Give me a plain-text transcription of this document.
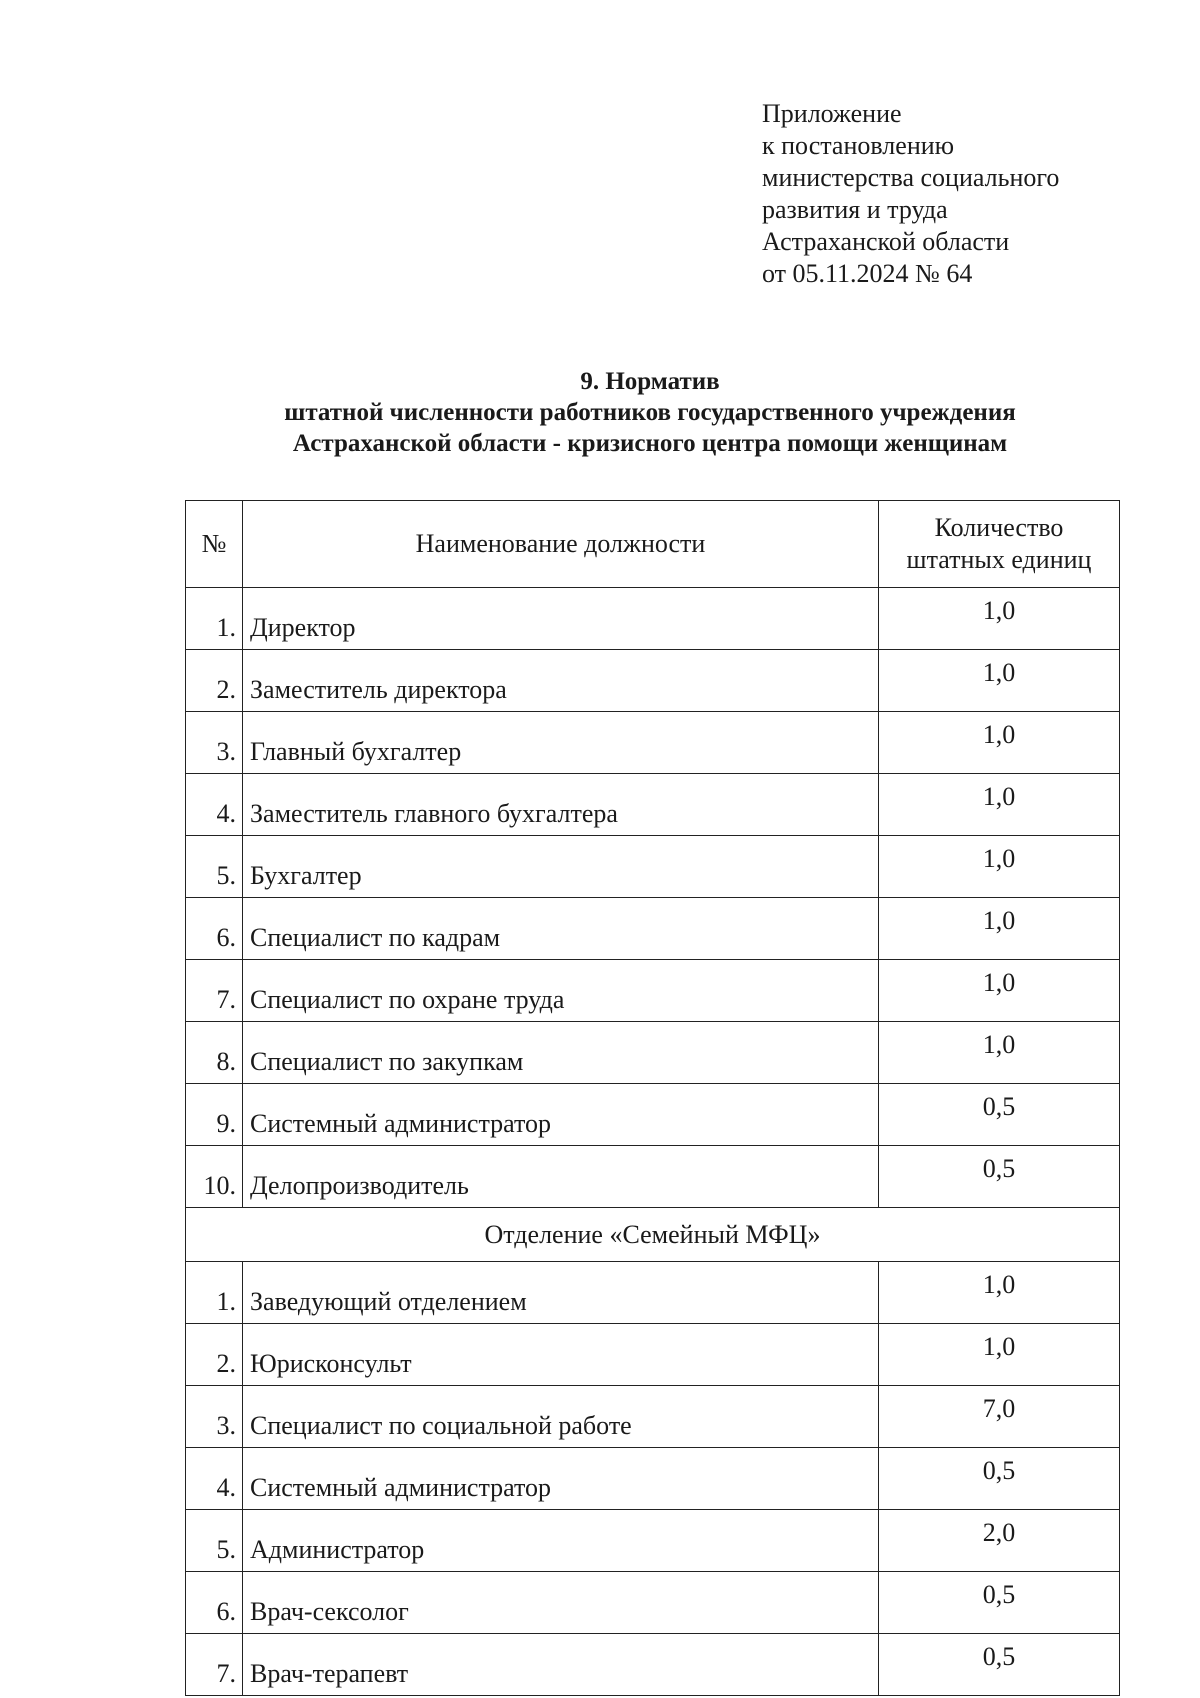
Приложение
к постановлению
министерства социального
развития и труда
Астраханской области
от 05.11.2024 № 64
9. Норматив
штатной численности работников государственного учреждения
Астраханской области - кризисного центра помощи женщинам
№	Наименование должности	Количество
штатных единиц

1.	Директор	1,0
2.	Заместитель директора	1,0
3.	Главный бухгалтер	1,0
4.	Заместитель главного бухгалтера	1,0
5.	Бухгалтер	1,0
6.	Специалист по кадрам	1,0
7.	Специалист по охране труда	1,0
8.	Специалист по закупкам	1,0
9.	Системный администратор	0,5
10.	Делопроизводитель	0,5
Отделение «Семейный МФЦ»		
1.	Заведующий отделением	1,0
2.	Юрисконсульт	1,0
3.	Специалист по социальной работе	7,0
4.	Системный администратор	0,5
5.	Администратор	2,0
6.	Врач-сексолог	0,5
7.	Врач-терапевт	0,5
